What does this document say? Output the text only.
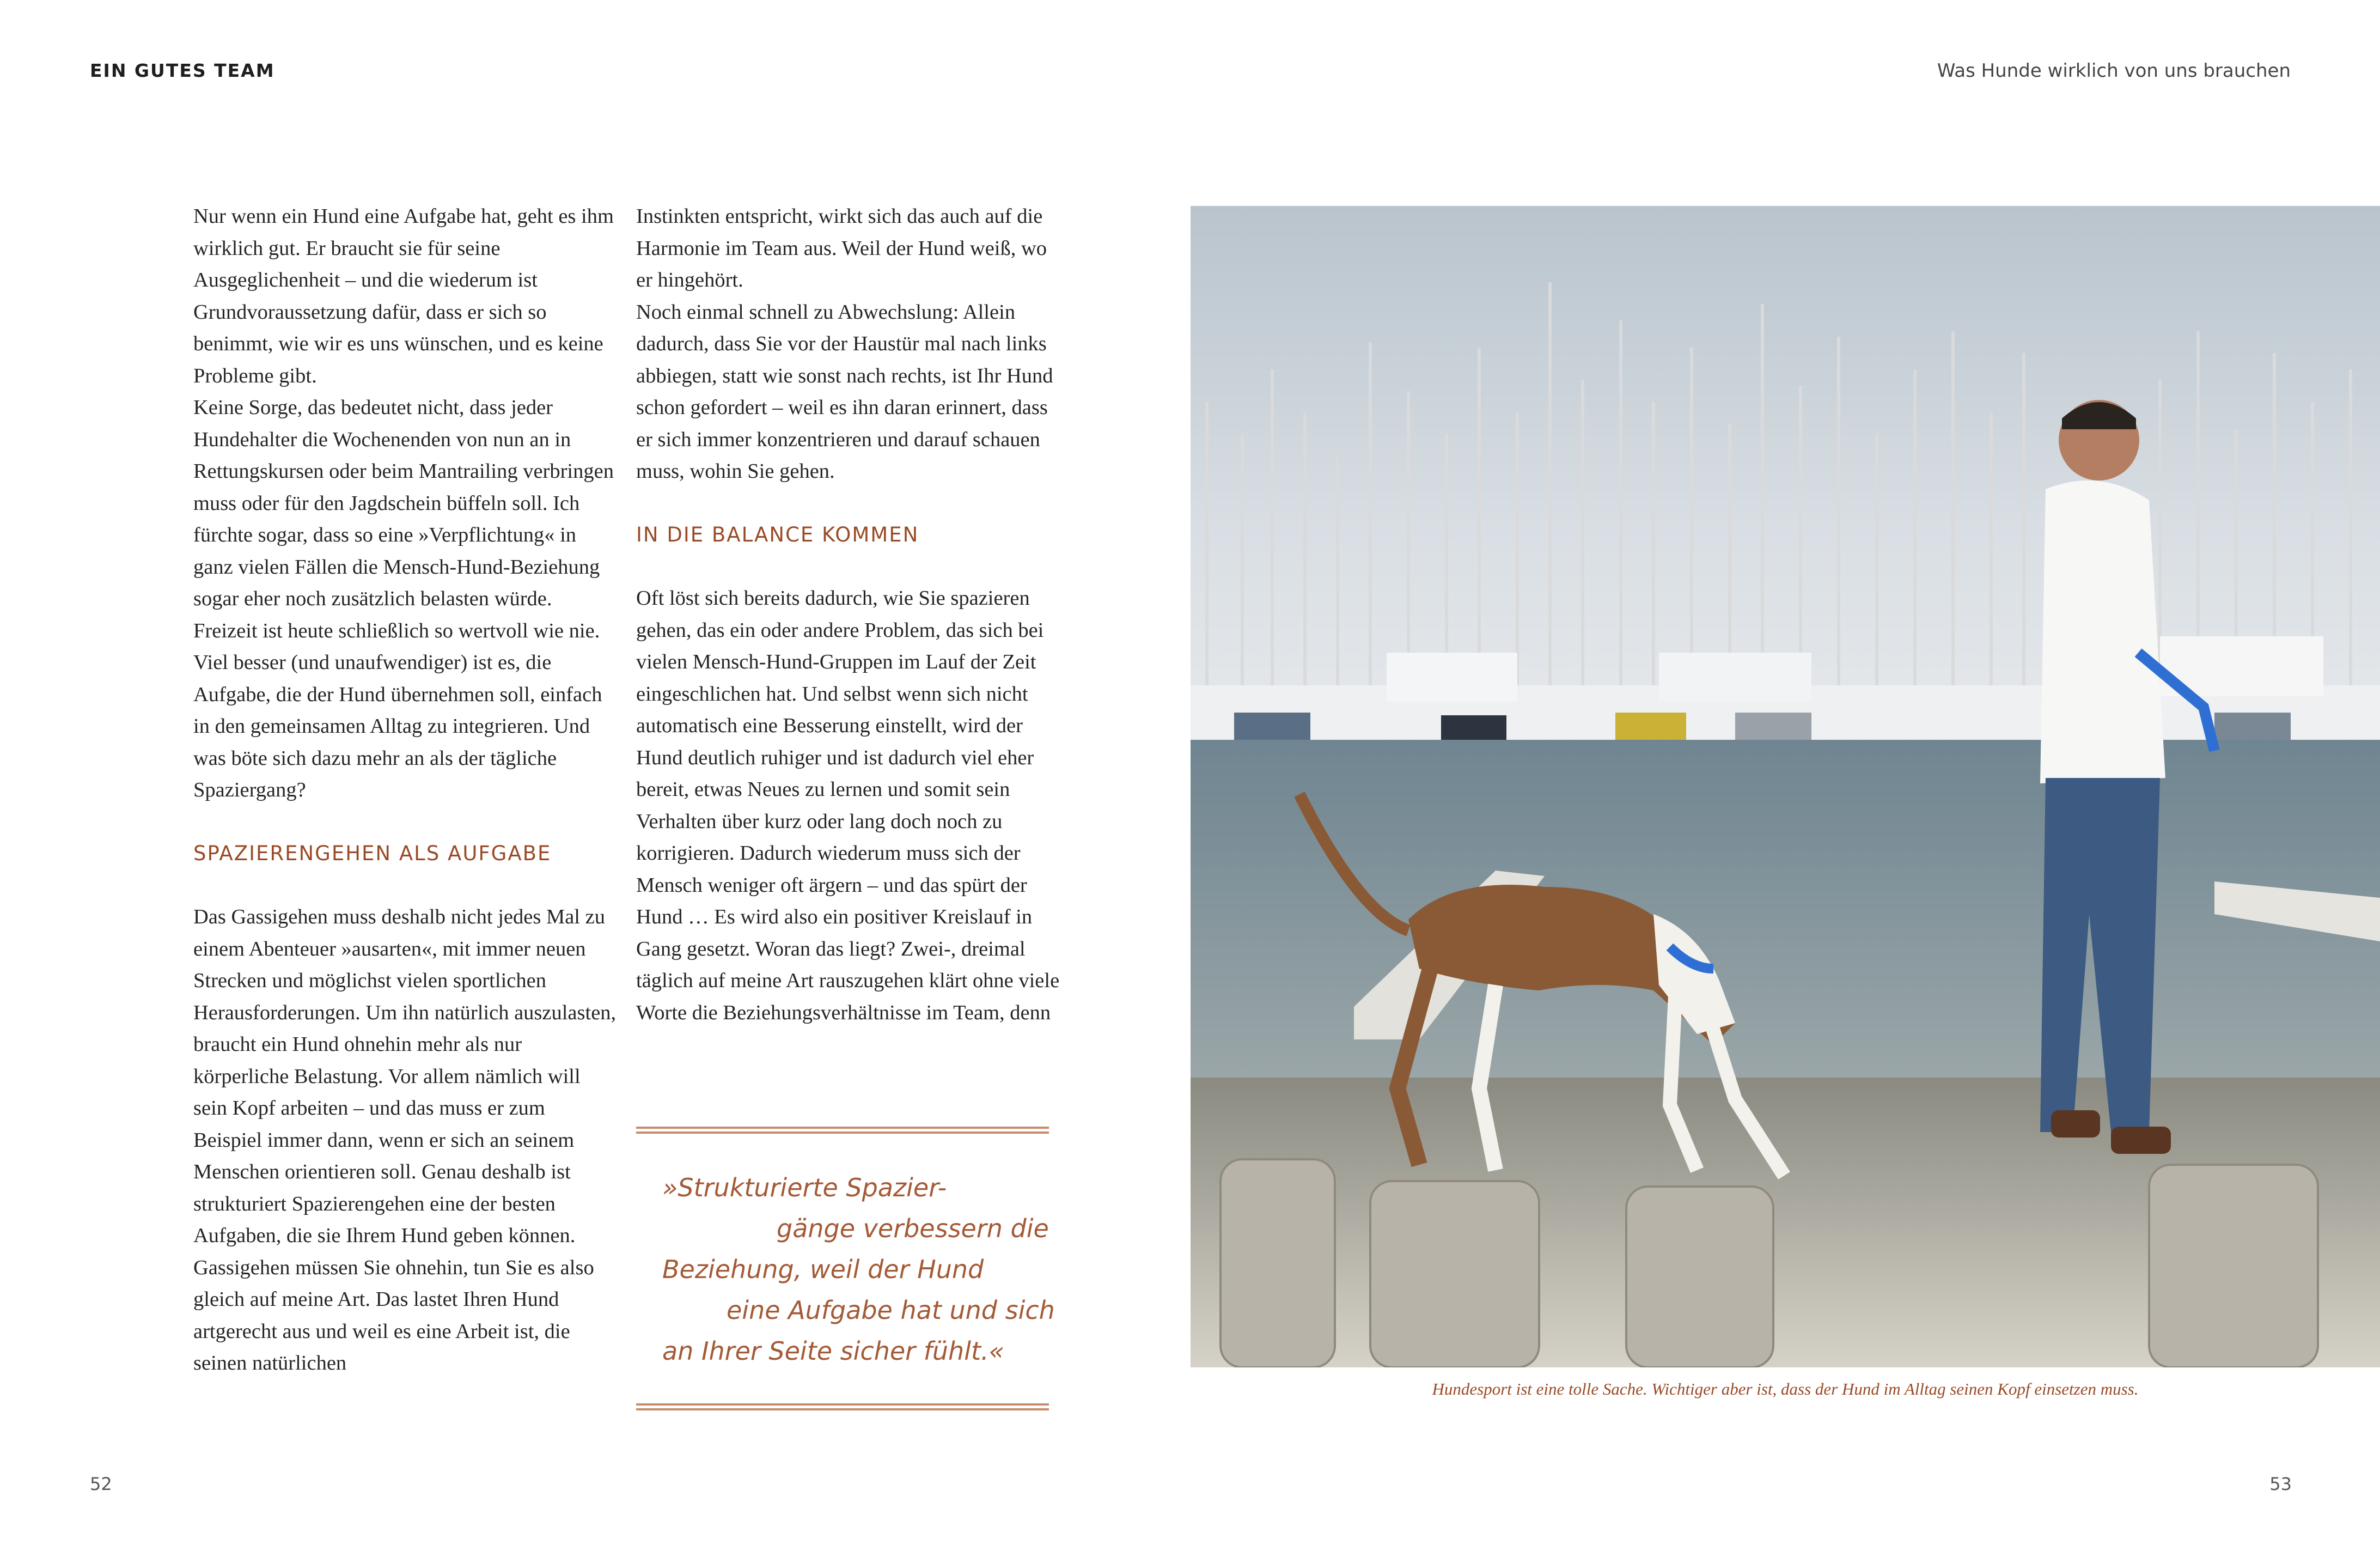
EIN GUTES TEAM	Was Hunde wirklich von uns brauchen

Nur wenn ein Hund eine Aufgabe hat, geht es ihm wirklich gut. Er braucht sie für seine Ausgeglichenheit – und die wiederum ist Grundvoraussetzung dafür, dass er sich so benimmt, wie wir es uns wünschen, und es keine Probleme gibt.

Keine Sorge, das bedeutet nicht, dass jeder Hundehalter die Wochenenden von nun an in Rettungskursen oder beim Mantrailing verbringen muss oder für den Jagdschein büffeln soll. Ich fürchte sogar, dass so eine »Verpflichtung« in ganz vielen Fällen die Mensch-Hund-Beziehung sogar eher noch zusätzlich belasten würde. Freizeit ist heute schließlich so wertvoll wie nie.

Viel besser (und unaufwendiger) ist es, die Aufgabe, die der Hund übernehmen soll, einfach in den gemeinsamen Alltag zu integrieren. Und was böte sich dazu mehr an als der tägliche Spaziergang?

SPAZIERENGEHEN ALS AUFGABE

Das Gassigehen muss deshalb nicht jedes Mal zu einem Abenteuer »ausarten«, mit immer neuen Strecken und möglichst vielen sportlichen Herausforderungen. Um ihn natürlich auszulasten, braucht ein Hund ohnehin mehr als nur körperliche Belastung. Vor allem nämlich will sein Kopf arbeiten – und das muss er zum Beispiel immer dann, wenn er sich an seinem Menschen orientieren soll. Genau deshalb ist strukturiert Spazierengehen eine der besten Aufgaben, die sie Ihrem Hund geben können. Gassigehen müssen Sie ohnehin, tun Sie es also gleich auf meine Art. Das lastet Ihren Hund artgerecht aus und weil es eine Arbeit ist, die seinen natürlichen

Instinkten entspricht, wirkt sich das auch auf die Harmonie im Team aus. Weil der Hund weiß, wo er hingehört.

Noch einmal schnell zu Abwechslung: Allein dadurch, dass Sie vor der Haustür mal nach links abbiegen, statt wie sonst nach rechts, ist Ihr Hund schon gefordert – weil es ihn daran erinnert, dass er sich immer konzentrieren und darauf schauen muss, wohin Sie gehen.

IN DIE BALANCE KOMMEN

Oft löst sich bereits dadurch, wie Sie spazieren gehen, das ein oder andere Problem, das sich bei vielen Mensch-Hund-Gruppen im Lauf der Zeit eingeschlichen hat. Und selbst wenn sich nicht automatisch eine Besserung einstellt, wird der Hund deutlich ruhiger und ist dadurch viel eher bereit, etwas Neues zu lernen und somit sein Verhalten über kurz oder lang doch noch zu korrigieren. Dadurch wiederum muss sich der Mensch weniger oft ärgern – und das spürt der Hund … Es wird also ein positiver Kreislauf in Gang gesetzt. Woran das liegt? Zwei-, dreimal täglich auf meine Art rauszugehen klärt ohne viele Worte die Beziehungsverhältnisse im Team, denn

»Strukturierte Spazier-
gänge verbessern die
Beziehung, weil der Hund
eine Aufgabe hat und sich
an Ihrer Seite sicher fühlt.«
Hundesport ist eine tolle Sache. Wichtiger aber ist, dass der Hund im Alltag seinen Kopf einsetzen muss.
52	53
